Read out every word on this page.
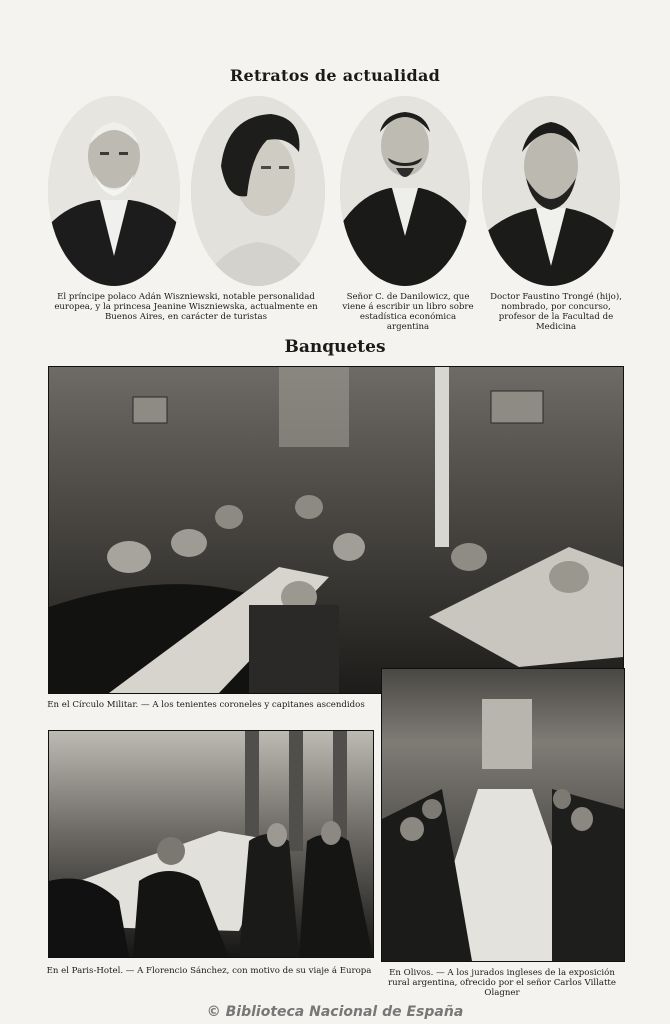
Retratos de actualidad
El príncipe polaco Adán Wiszniewski, notable personalidad europea, y la princesa Jeanine Wiszniewska, actualmente en Buenos Aires, en carácter de turistas
Señor C. de Danilowicz, que viene á escribir un libro sobre estadística económica argentina
Doctor Faustino Trongé (hijo), nombrado, por concurso, profesor de la Facultad de Medicina
Banquetes
En el Círculo Militar. — A los tenientes coroneles y capitanes ascendidos
En el Paris-Hotel. — A Florencio Sánchez, con motivo de su viaje á Europa	En Olivos. — A los jurados ingleses de la exposición rural argentina, ofrecido por el señor Carlos Villatte Olagner
© Biblioteca Nacional de España
